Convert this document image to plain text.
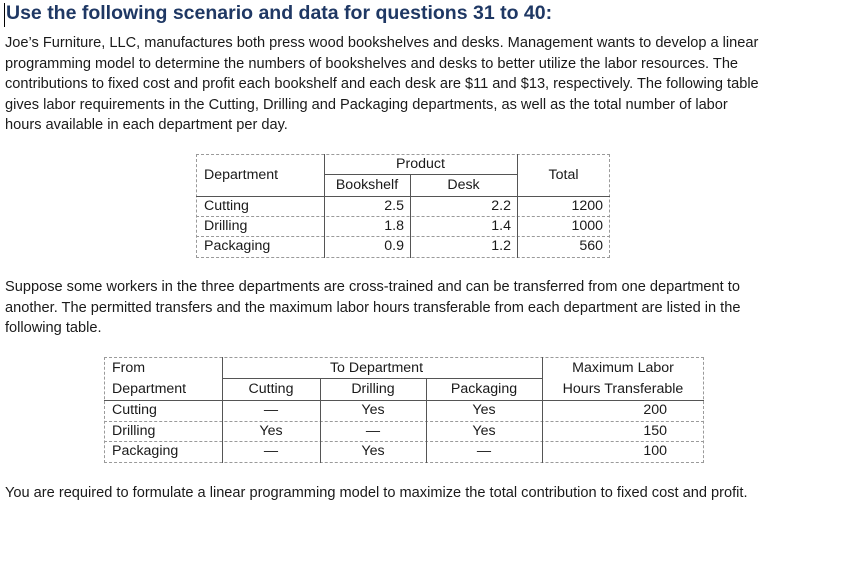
Use the following scenario and data for questions 31 to 40:
Joe’s Furniture, LLC, manufactures both press wood bookshelves and desks. Management wants to develop a linear
programming model to determine the numbers of bookshelves and desks to better utilize the labor resources. The
contributions to fixed cost and profit each bookshelf and each desk are $11 and $13, respectively. The following table
gives labor requirements in the Cutting, Drilling and Packaging departments, as well as the total number of labor
hours available in each department per day.
Department
Product
Bookshelf	Desk
Total
Cutting	2.5	2.2	1200
Drilling	1.8	1.4	1000
Packaging	0.9	1.2	560
Suppose some workers in the three departments are cross-trained and can be transferred from one department to
another. The permitted transfers and the maximum labor hours transferable from each department are listed in the
following table.
From
Department
To Department
Cutting	Drilling	Packaging
Maximum Labor
Hours Transferable
Cutting	—	Yes	Yes	200
Drilling	Yes	—	Yes	150
Packaging	—	Yes	—	100
You are required to formulate a linear programming model to maximize the total contribution to fixed cost and profit.
